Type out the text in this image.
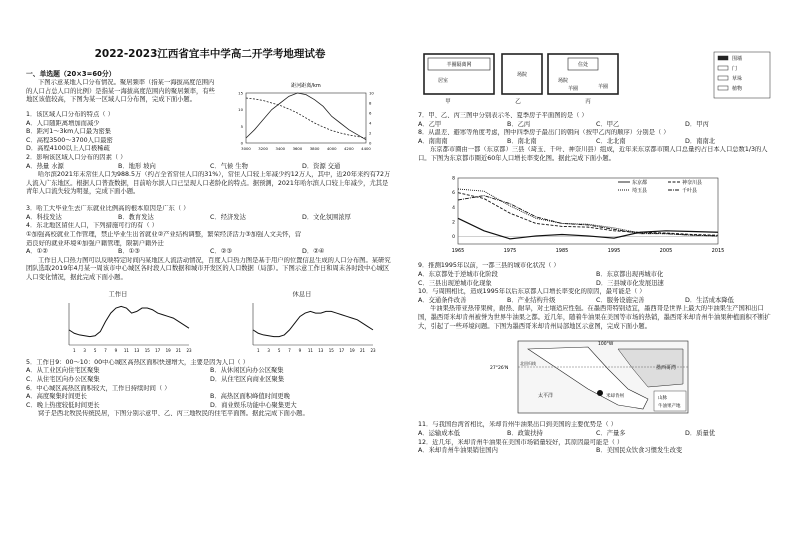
2022-2023江西省宜丰中学高二开学考地理试卷
一、单选题（20×3=60分）
下图示意某地人口分布情况。聚居频率（指某一海拔高度范围内的人口占总人口的比例）是指某一海拔高度范围内的聚居频率，有些地区该值较高，下图为某一区域人口分布图，完成下面小题。
1．该区域人口分布的特点（ ）
A．人口随距离增加而减少
B．距河1～3km人口最为密集
C．高程3500～3700人口最密
D．高程4100以上人口极稀疏
2．影响该区域人口分布的因素（ ）
距河距离/km
3000 3200 3400 3600 3800 4000 4200 4400
0
5
10
15
0
2
4
6
8
10
A．热量 水源	B．地形 坡向	C．气候 生物	D．资源 交通
哈尔滨2021年末常住人口为988.5万（约占全省常住人口的31%），常住人口较上年减少约12万人，其中，近20年来约有72万人流入广东地区。根据人口普查数据，目前哈尔滨人口已呈现人口老龄化的特点。据预测，2021年哈尔滨人口较上年减少，尤其是青年人口流失较为明显，完成下面小题。
3．哈工大毕业生去广东就业比例高的根本原因是广东（ ）
A．科技发达	B．教育发达	C．经济发达	D．文化氛围浓厚
4．东北地区留住人口，下列措施可行的有（ ）
①加强高校就业工作管理，禁止毕业生出省就业②产业结构调整，繁荣经济活力③加强人文关怀，营
造良好的就业环境④加强户籍管理，限制户籍外迁
A．①②	B．①③	C．②③	D．②④
工作日人口热力图可以反映特定时间内某地区人流活动情况，百度人口热力图是基于用户的位置信息生成的人口分布图。某研究团队选取2019年4月某一周该市中心城区各时段人口数据和城市开发区的人口数据（局部）。下图示意工作日和周末各时段中心城区人口变化情况，据此完成下面小题。
工作日
1 3 5 7 9 11 13 15 17 19 21 23
休息日
1 3 5 7 9 11 13 15 17 19 21 23
5．工作日9：00～10：00中心城区高热区面积快速增大，主要是因为人口（ ）
A．从工业区向住宅区聚集	B．从休闲区向办公区聚集
C．从住宅区向办公区聚集	D．从住宅区向商业区聚集
6．中心城区高热区面积较大，工作日持续时间（ ）
A．高度聚集时间更长	B．高热区面积峰值时间更晚
C．晚上热度较低时间更长	D．商业娱乐功能中心聚集更大
窝子是西北牧民传统民居，下图分别示意甲、乙、丙三地牧民的住宅平面图。据此完成下面小题。
羊圈隔离网
居室
场院
住处
场院
羊圈
羊圈
甲	乙	丙
围墙
门
草垛
植物
7．甲、乙、丙三图中分别表示冬、夏季房子平面图的是（ ）
A．乙甲	B．乙丙	C．甲乙	D．甲丙
8．从温差、避寒等角度考虑，图中四季房子最出门的朝向（按甲乙丙的顺序）分别是（ ）
A．南南南	B．南北南	C．北北南	D．南南北
东京都市圈由一都（东京都）三县（琦玉、千叶、神奈川县）组成，近年来东京都市圈人口总量约占日本人口总数1/3的人口。下图为东京都市圈近60年人口增长率变化图。据此完成下面小题。
1965	1975	1985	1995	2005	2015
0
2
4
6
8
东京都	神奈川县
埼玉县	千叶县
9．推测1995年以前，一都三县的城市化状况（ ）
A．东京都处于逆城市化阶段	B．东京都出现再城市化
C．三县出现逆城市化现象	D．三县城市化发展迅速
10．与周围相比，造成1995年以后东京都人口增长率变化的原因，最可能是（ ）
A．交通条件改善	B．产业结构升级	C．服务设施完善	D．生活成本降低
牛油果热带亚热带果树，耐热、耐旱，对土壤适应性强。在墨西哥特别适宜，墨西哥是世界上最大的牛油果生产国和出口国，墨西哥米却肯州被誉为世界牛油果之都。近几年，随着牛油果在美国等市场的热销，墨西哥米却肯州牛油果种植面积不断扩大，引起了一些环境问题。下图为墨西哥米却肯州局部地区示意图，完成下面小题。
100°W
墨西哥湾
27°26'N
太平洋
北回归线
米却肯州	山脉
牛油果产地
11．与我国台湾省相比，米却肯州牛油果出口到美国的主要优势是（ ）
A．运输成本低	B．政策扶持	C．产量多	D．质量优
12．近几年，米却肯州牛油果在美国市场销量较好，其原因最可能是（ ）
A．米却肯州牛油果销往国内	B．美国民众饮食习惯发生改变
